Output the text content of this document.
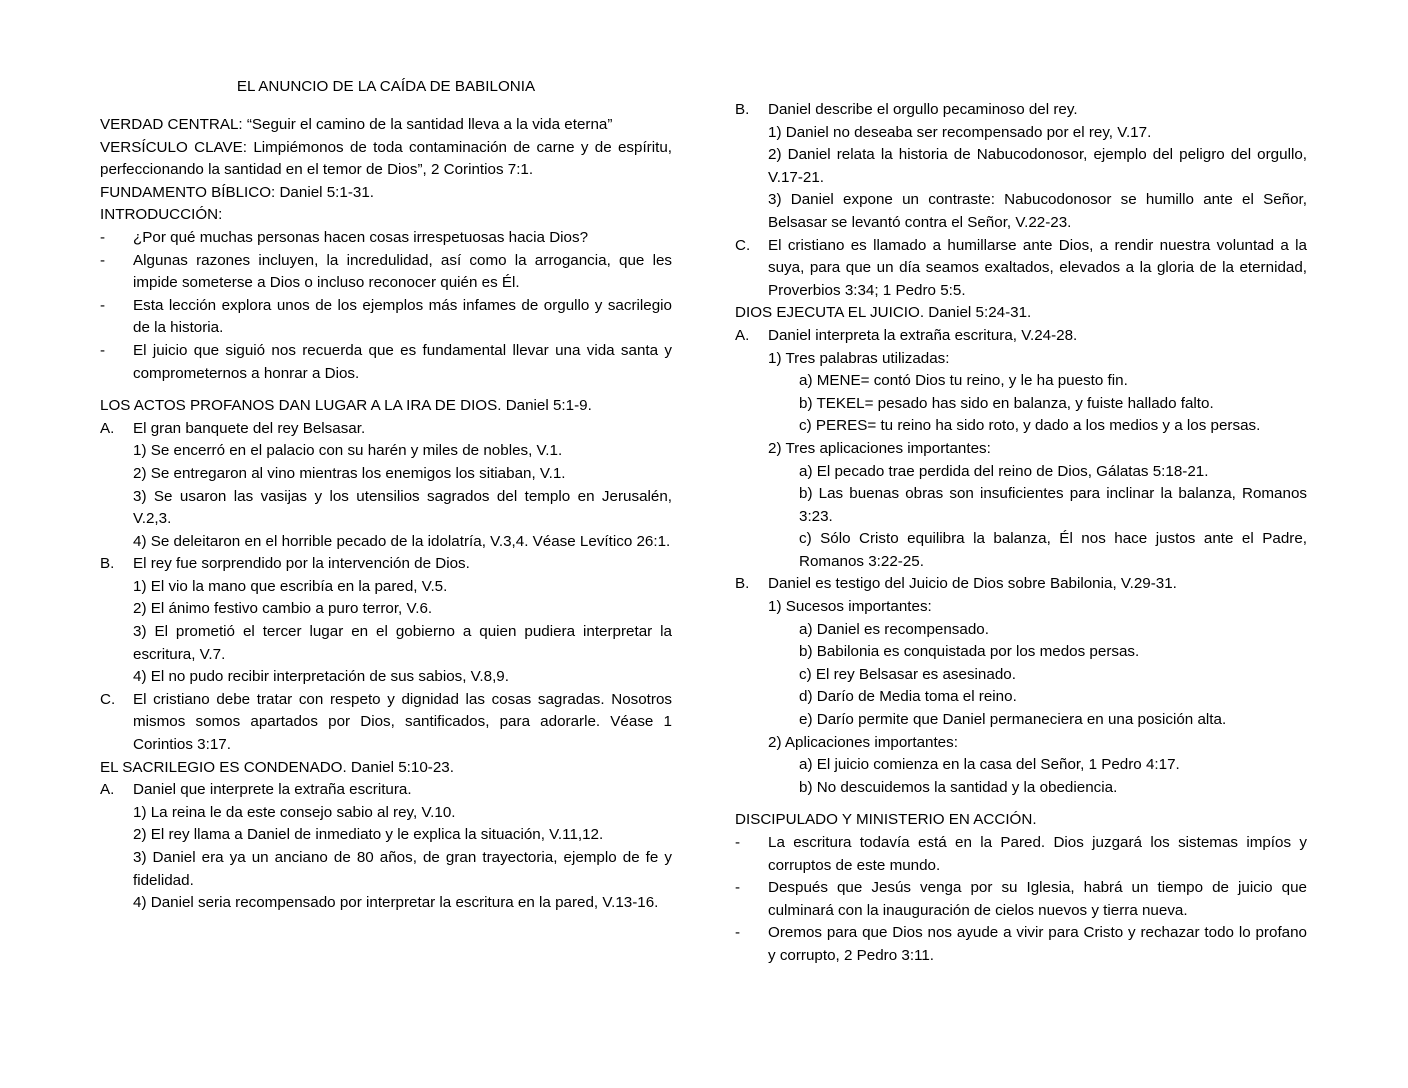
EL ANUNCIO DE LA CAÍDA DE BABILONIA
VERDAD CENTRAL: “Seguir el camino de la santidad lleva a la vida eterna”
VERSÍCULO CLAVE: Limpiémonos de toda contaminación de carne y de espíritu, perfeccionando la santidad en el temor de Dios”, 2 Corintios 7:1.
FUNDAMENTO BÍBLICO: Daniel 5:1-31.
INTRODUCCIÓN:
-	¿Por qué muchas personas hacen cosas irrespetuosas hacia Dios?
-	Algunas razones incluyen, la incredulidad, así como la arrogancia, que les impide someterse a Dios o incluso reconocer quién es Él.
-	Esta lección explora unos de los ejemplos más infames de orgullo y sacrilegio de la historia.
-	El juicio que siguió nos recuerda que es fundamental llevar una vida santa y comprometernos a honrar a Dios.
LOS ACTOS PROFANOS DAN LUGAR A LA IRA DE DIOS. Daniel 5:1-9.
A.	El gran banquete del rey Belsasar.
1) Se encerró en el palacio con su harén y miles de nobles, V.1.
2) Se entregaron al vino mientras los enemigos los sitiaban, V.1.
3) Se usaron las vasijas y los utensilios sagrados del templo en Jerusalén, V.2,3.
4) Se deleitaron en el horrible pecado de la idolatría, V.3,4. Véase Levítico 26:1.
B.	El rey fue sorprendido por la intervención de Dios.
1) El vio la mano que escribía en la pared, V.5.
2) El ánimo festivo cambio a puro terror, V.6.
3) El prometió el tercer lugar en el gobierno a quien pudiera interpretar la escritura, V.7.
4) El no pudo recibir interpretación de sus sabios, V.8,9.
C.	El cristiano debe tratar con respeto y dignidad las cosas sagradas. Nosotros mismos somos apartados por Dios, santificados, para adorarle. Véase 1 Corintios 3:17.
EL SACRILEGIO ES CONDENADO. Daniel 5:10-23.
A.	Daniel que interprete la extraña escritura.
1) La reina le da este consejo sabio al rey, V.10.
2) El rey llama a Daniel de inmediato y le explica la situación, V.11,12.
3) Daniel era ya un anciano de 80 años, de gran trayectoria, ejemplo de fe y fidelidad.
4) Daniel seria recompensado por interpretar la escritura en la pared, V.13-16.
B.	Daniel describe el orgullo pecaminoso del rey.
1) Daniel no deseaba ser recompensado por el rey, V.17.
2) Daniel relata la historia de Nabucodonosor, ejemplo del peligro del orgullo, V.17-21.
3) Daniel expone un contraste: Nabucodonosor se humillo ante el Señor, Belsasar se levantó contra el Señor, V.22-23.
C.	El cristiano es llamado a humillarse ante Dios, a rendir nuestra voluntad a la suya, para que un día seamos exaltados, elevados a la gloria de la eternidad, Proverbios 3:34; 1 Pedro 5:5.
DIOS EJECUTA EL JUICIO. Daniel 5:24-31.
A.	Daniel interpreta la extraña escritura, V.24-28.
1) Tres palabras utilizadas:
a) MENE= contó Dios tu reino, y le ha puesto fin.
b) TEKEL= pesado has sido en balanza, y fuiste hallado falto.
c) PERES= tu reino ha sido roto, y dado a los medios y a los persas.
2) Tres aplicaciones importantes:
a) El pecado trae perdida del reino de Dios, Gálatas 5:18-21.
b) Las buenas obras son insuficientes para inclinar la balanza, Romanos 3:23.
c) Sólo Cristo equilibra la balanza, Él nos hace justos ante el Padre, Romanos 3:22-25.
B.	Daniel es testigo del Juicio de Dios sobre Babilonia, V.29-31.
1) Sucesos importantes:
a) Daniel es recompensado.
b) Babilonia es conquistada por los medos persas.
c) El rey Belsasar es asesinado.
d) Darío de Media toma el reino.
e) Darío permite que Daniel permaneciera en una posición alta.
2) Aplicaciones importantes:
a) El juicio comienza en la casa del Señor, 1 Pedro 4:17.
b) No descuidemos la santidad y la obediencia.
DISCIPULADO Y MINISTERIO EN ACCIÓN.
-	La escritura todavía está en la Pared. Dios juzgará los sistemas impíos y corruptos de este mundo.
-	Después que Jesús venga por su Iglesia, habrá un tiempo de juicio que culminará con la inauguración de cielos nuevos y tierra nueva.
-	Oremos para que Dios nos ayude a vivir para Cristo y rechazar todo lo profano y corrupto, 2 Pedro 3:11.
